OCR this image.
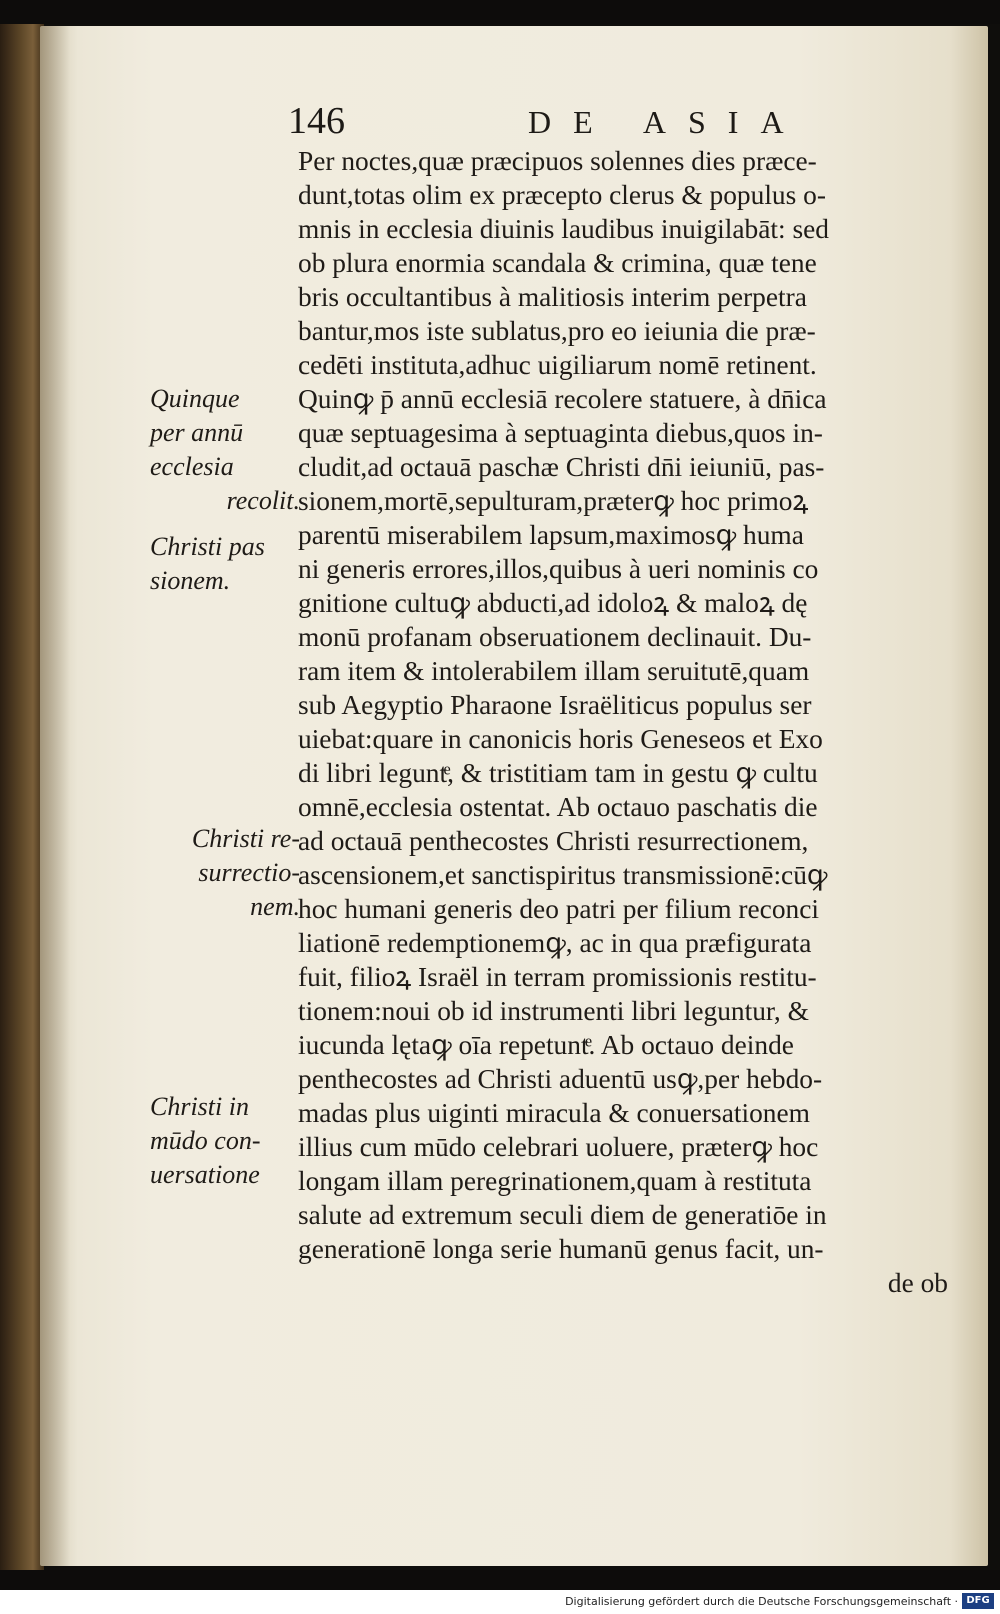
146	DE ASIA
Per noctes,quæ præcipuos solennes dies præce-
dunt,totas olim ex præcepto clerus & populus o-
mnis in ecclesia diuinis laudibus inuigilabāt: sed
ob plura enormia scandala & crimina, quæ tene
bris occultantibus à malitiosis interim perpetra
bantur,mos iste sublatus,pro eo ieiunia die præ-
cedēti instituta,adhuc uigiliarum nomē retinent.
Quinꝙ p̄ annū ecclesiā recolere statuere, à dn̄ica
quæ septuagesima à septuaginta diebus,quos in-
cludit,ad octauā paschæ Christi dn̄i ieiuniū, pas-
sionem,mortē,sepulturam,præterꝙ hoc primoꝝ
parentū miserabilem lapsum,maximosꝙ huma
ni generis errores,illos,quibus à ueri nominis co
gnitione cultuꝙ abducti,ad idoloꝝ & maloꝝ dę
monū profanam obseruationem declinauit. Du-
ram item & intolerabilem illam seruitutē,quam
sub Aegyptio Pharaone Israëliticus populus ser
uiebat:quare in canonicis horis Geneseos et Exo
di libri leguntͤ, & tristitiam tam in gestu ꝙ cultu
omnē,ecclesia ostentat. Ab octauo paschatis die
ad octauā penthecostes Christi resurrectionem,
ascensionem,et sanctispiritus transmissionē:cūꝙ
hoc humani generis deo patri per filium reconci
liationē redemptionemꝙ, ac in qua præfigurata
fuit, filioꝝ Israël in terram promissionis restitu-
tionem:noui ob id instrumenti libri leguntur, &
iucunda lętaꝙ oīa repetuntͤ. Ab octauo deinde
penthecostes ad Christi aduentū usꝙ,per hebdo-
madas plus uiginti miracula & conuersationem
illius cum mūdo celebrari uoluere, præterꝙ hoc
longam illam peregrinationem,quam à restituta
salute ad extremum seculi diem de generatiōe in
generationē longa serie humanū genus facit, un-
de ob
Quinque
per annū
ecclesia
recolit.
Christi pas
sionem.
Christi re-
surrectio-
nem.
Christi in
mūdo con-
uersatione
Digitalisierung gefördert durch die Deutsche Forschungsgemeinschaft · DFG
